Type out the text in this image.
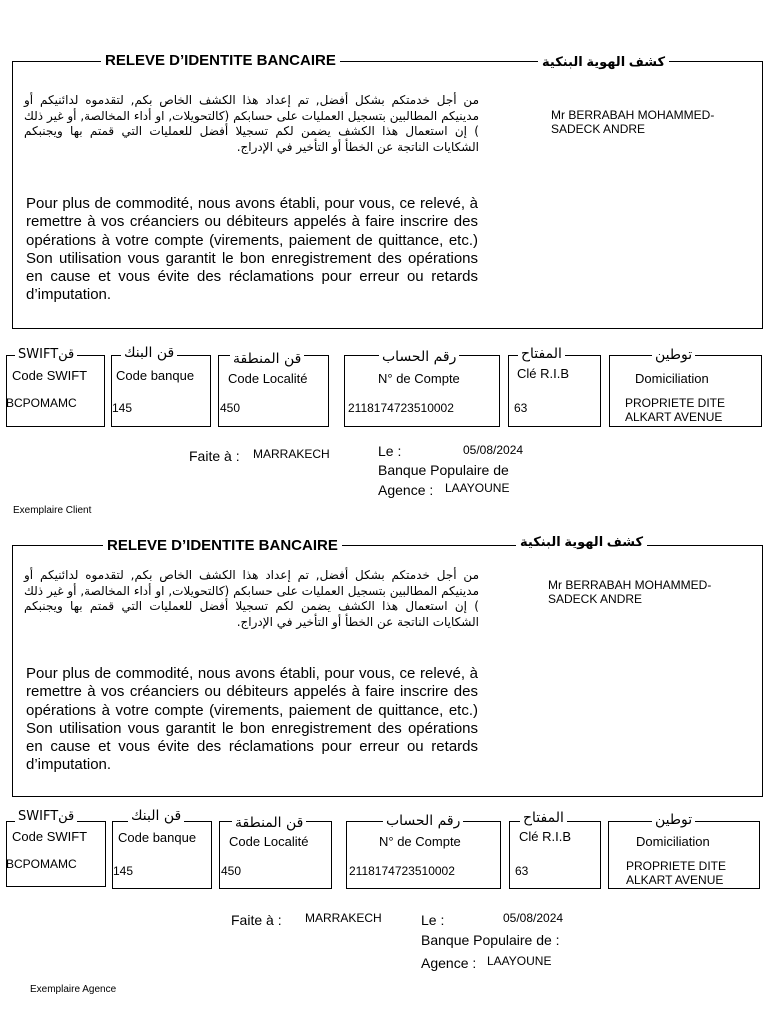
RELEVE D’IDENTITE BANCAIRE	كشف الهوية البنكية
من أجل خدمتكم بشكل أفضل, تم إعداد هذا الكشف الخاص بكم, لتقدموه لدائنيكم أو مدينيكم المطالبين بتسجيل العمليات على حسابكم (كالتحويلات, او أداء المخالصة, أو غير ذلك ) إن استعمال هذا الكشف يضمن لكم تسجيلا أفضل للعمليات التي قمتم بها ويجنبكم الشكايات الناتجة عن الخطأ أو التأخير في الإدراج.
Pour plus de commodité, nous avons établi, pour vous, ce relevé, à remettre à vos créanciers ou débiteurs appelés à faire inscrire des opérations à votre compte (virements, paiement de quittance, etc.) Son utilisation vous garantit le bon enregistrement des opérations en cause et vous évite des réclamations pour erreur ou retards d’imputation.
Mr BERRABAH MOHAMMED-SADECK ANDRE
قنSWIFT
Code SWIFT
BCPOMAMC
قن البنك
Code banque
145
قن المنطقة
Code Localité
450
رقم الحساب
N° de Compte
2118174723510002
المفتاح
Clé R.I.B
63
توطين
Domiciliation
PROPRIETE DITE ALKART AVENUE
Faite à : MARRAKECH	Le :	05/08/2024
Banque Populaire de
Agence : LAAYOUNE
Exemplaire Client
RELEVE D’IDENTITE BANCAIRE	كشف الهوية البنكية
من أجل خدمتكم بشكل أفضل, تم إعداد هذا الكشف الخاص بكم, لتقدموه لدائنيكم أو مدينيكم المطالبين بتسجيل العمليات على حسابكم (كالتحويلات, او أداء المخالصة, أو غير ذلك ) إن استعمال هذا الكشف يضمن لكم تسجيلا أفضل للعمليات التي قمتم بها ويجنبكم الشكايات الناتجة عن الخطأ أو التأخير في الإدراج.
Pour plus de commodité, nous avons établi, pour vous, ce relevé, à remettre à vos créanciers ou débiteurs appelés à faire inscrire des opérations à votre compte (virements, paiement de quittance, etc.) Son utilisation vous garantit le bon enregistrement des opérations en cause et vous évite des réclamations pour erreur ou retards d’imputation.
Mr BERRABAH MOHAMMED-SADECK ANDRE
قنSWIFT
Code SWIFT
BCPOMAMC
قن البنك
Code banque
145
قن المنطقة
Code Localité
450
رقم الحساب
N° de Compte
2118174723510002
المفتاح
Clé R.I.B
63
توطين
Domiciliation
PROPRIETE DITE ALKART AVENUE
Faite à : MARRAKECH	Le :	05/08/2024
Banque Populaire de :
Agence : LAAYOUNE
Exemplaire Agence
